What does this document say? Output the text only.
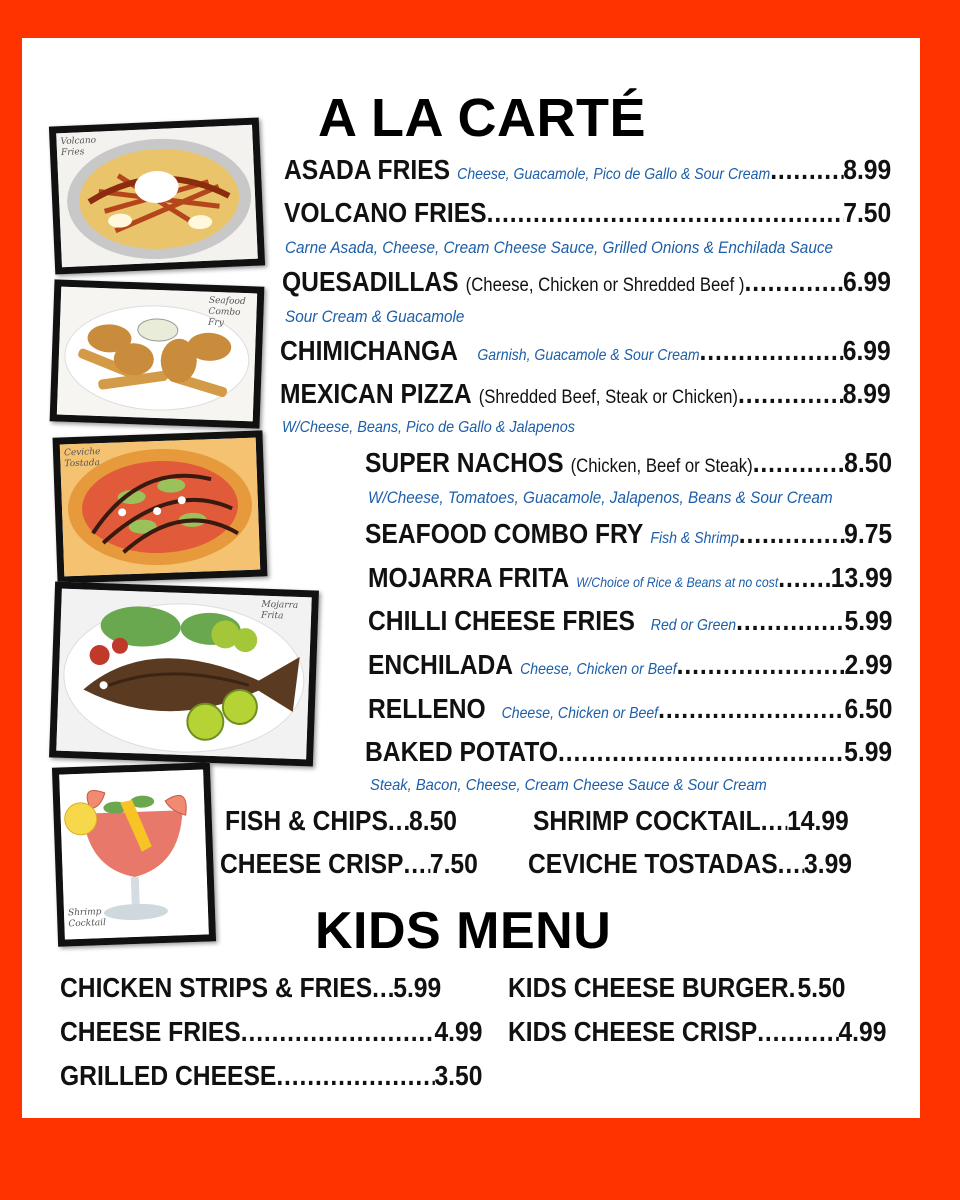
Volcano
Fries
Seafood
Combo
Fry
Ceviche
Tostada
Mojarra
Frita
Shrimp
Cocktail
A LA CARTÉ
ASADA FRIES Cheese, Guacamole, Pico de Gallo & Sour Cream .....	8.99
VOLCANO FRIES .....	7.50
Carne Asada, Cheese, Cream Cheese Sauce, Grilled Onions & Enchilada Sauce
QUESADILLAS (Cheese, Chicken or Shredded Beef ) .....	6.99
Sour Cream & Guacamole
CHIMICHANGA Garnish, Guacamole & Sour Cream .....	6.99
MEXICAN PIZZA (Shredded Beef, Steak or Chicken) .....	8.99
W/Cheese, Beans, Pico de Gallo & Jalapenos
SUPER NACHOS (Chicken, Beef or Steak) .....	8.50
W/Cheese, Tomatoes, Guacamole, Jalapenos, Beans & Sour Cream
SEAFOOD COMBO FRY Fish & Shrimp .....	9.75
MOJARRA FRITA W/Choice of Rice & Beans at no cost ..... 13.99
CHILLI CHEESE FRIES Red or Green .....	5.99
ENCHILADA Cheese, Chicken or Beef .....	2.99
RELLENO Cheese, Chicken or Beef .....	6.50
BAKED POTATO .....	5.99
Steak, Bacon, Cheese, Cream Cheese Sauce & Sour Cream
FISH & CHIPS ..... 8.50	SHRIMP COCKTAIL ..... 14.99
CHEESE CRISP ..... 7.50 CEVICHE TOSTADAS ..... 3.99
KIDS MENU
CHICKEN STRIPS & FRIES ..... 5.99 KIDS CHEESE BURGER ..... 5.50
CHEESE FRIES .....	4.99 KIDS CHEESE CRISP .....	4.99
GRILLED CHEESE .....	3.50
